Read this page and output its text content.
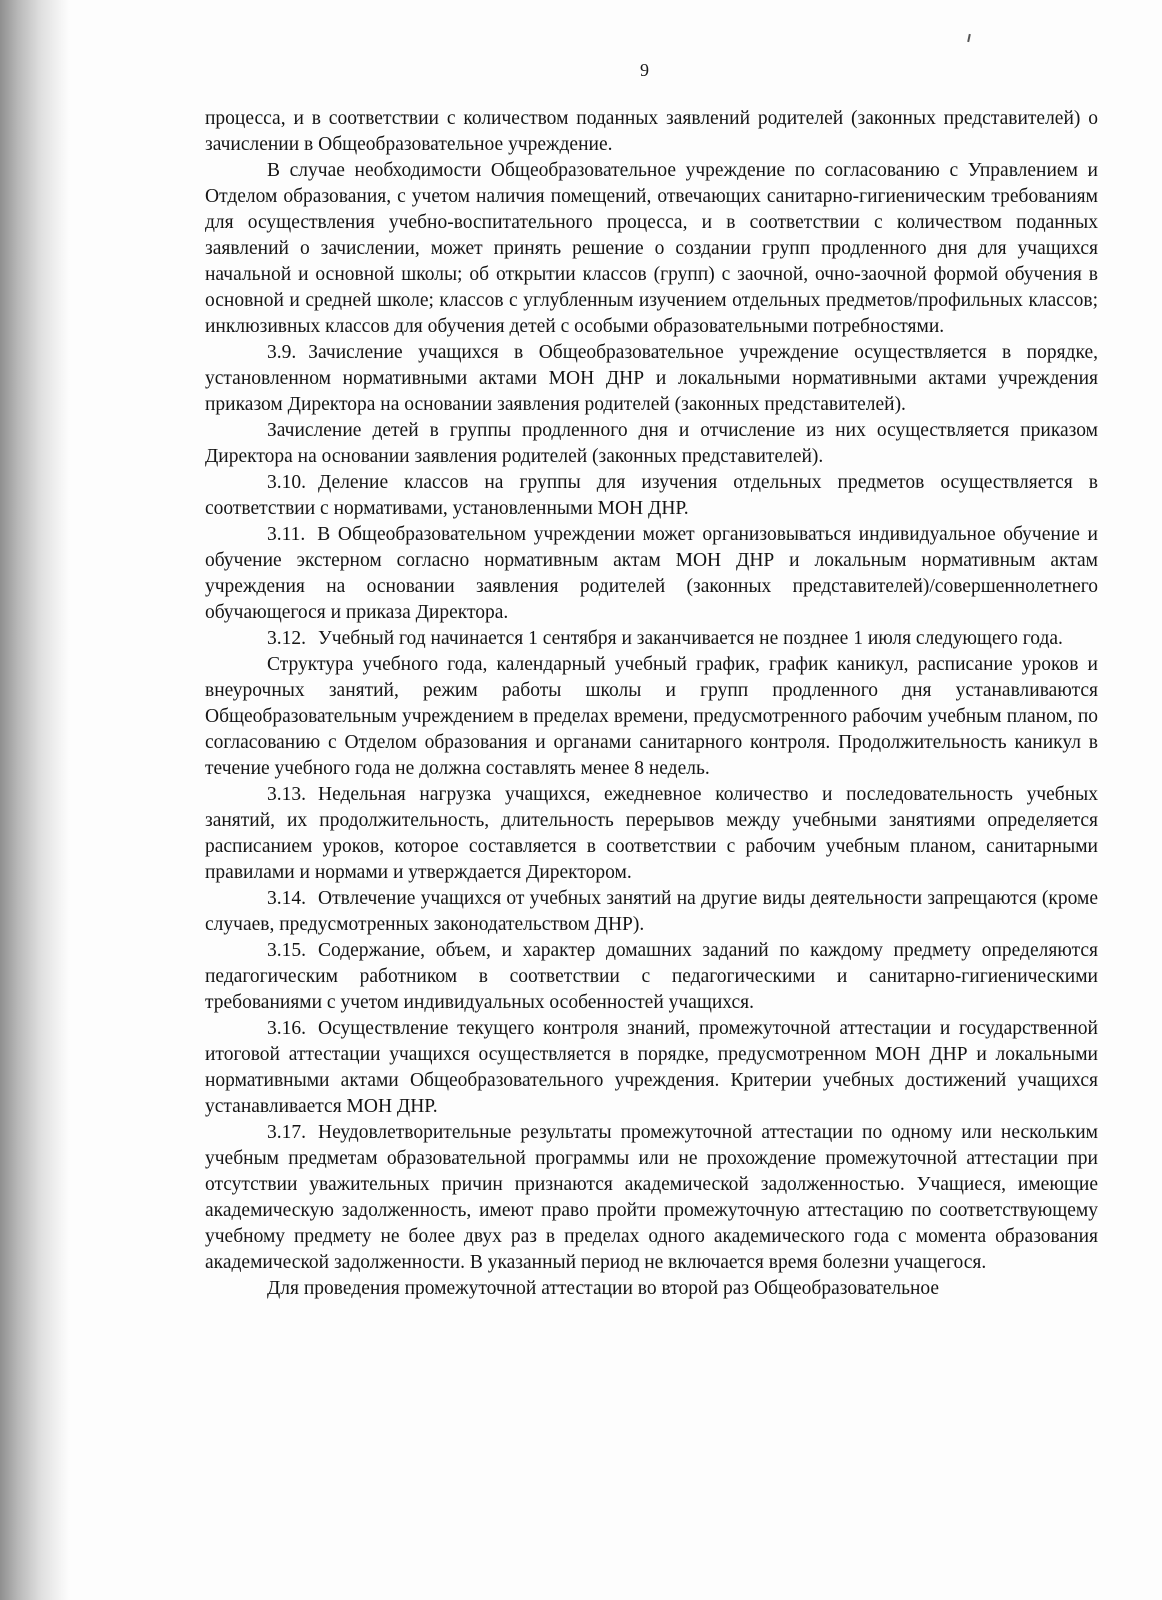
9

процесса, и в соответствии с количеством поданных заявлений родителей (законных представителей) о зачислении в Общеобразовательное учреждение.

В случае необходимости Общеобразовательное учреждение по согласованию с Управлением и Отделом образования, с учетом наличия помещений, отвечающих санитарно-гигиеническим требованиям для осуществления учебно-воспитательного процесса, и в соответствии с количеством поданных заявлений о зачислении, может принять решение о создании групп продленного дня для учащихся начальной и основной школы; об открытии классов (групп) с заочной, очно-заочной формой обучения в основной и средней школе; классов с углубленным изучением отдельных предметов/профильных классов; инклюзивных классов для обучения детей с особыми образовательными потребностями.

3.9. Зачисление учащихся в Общеобразовательное учреждение осуществляется в порядке, установленном нормативными актами МОН ДНР и локальными нормативными актами учреждения приказом Директора на основании заявления родителей (законных представителей).

Зачисление детей в группы продленного дня и отчисление из них осуществляется приказом Директора на основании заявления родителей (законных представителей).

3.10. Деление классов на группы для изучения отдельных предметов осуществляется в соответствии с нормативами, установленными МОН ДНР.

3.11. В Общеобразовательном учреждении может организовываться индивидуальное обучение и обучение экстерном согласно нормативным актам МОН ДНР и локальным нормативным актам учреждения на основании заявления родителей (законных представителей)/совершеннолетнего обучающегося и приказа Директора.

3.12. Учебный год начинается 1 сентября и заканчивается не позднее 1 июля следующего года.

Структура учебного года, календарный учебный график, график каникул, расписание уроков и внеурочных занятий, режим работы школы и групп продленного дня устанавливаются Общеобразовательным учреждением в пределах времени, предусмотренного рабочим учебным планом, по согласованию с Отделом образования и органами санитарного контроля. Продолжительность каникул в течение учебного года не должна составлять менее 8 недель.

3.13. Недельная нагрузка учащихся, ежедневное количество и последовательность учебных занятий, их продолжительность, длительность перерывов между учебными занятиями определяется расписанием уроков, которое составляется в соответствии с рабочим учебным планом, санитарными правилами и нормами и утверждается Директором.

3.14. Отвлечение учащихся от учебных занятий на другие виды деятельности запрещаются (кроме случаев, предусмотренных законодательством ДНР).

3.15. Содержание, объем, и характер домашних заданий по каждому предмету определяются педагогическим работником в соответствии с педагогическими и санитарно-гигиеническими требованиями с учетом индивидуальных особенностей учащихся.

3.16. Осуществление текущего контроля знаний, промежуточной аттестации и государственной итоговой аттестации учащихся осуществляется в порядке, предусмотренном МОН ДНР и локальными нормативными актами Общеобразовательного учреждения. Критерии учебных достижений учащихся устанавливается МОН ДНР.

3.17. Неудовлетворительные результаты промежуточной аттестации по одному или нескольким учебным предметам образовательной программы или не прохождение промежуточной аттестации при отсутствии уважительных причин признаются академической задолженностью. Учащиеся, имеющие академическую задолженность, имеют право пройти промежуточную аттестацию по соответствующему учебному предмету не более двух раз в пределах одного академического года с момента образования академической задолженности. В указанный период не включается время болезни учащегося.

Для проведения промежуточной аттестации во второй раз Общеобразовательное
